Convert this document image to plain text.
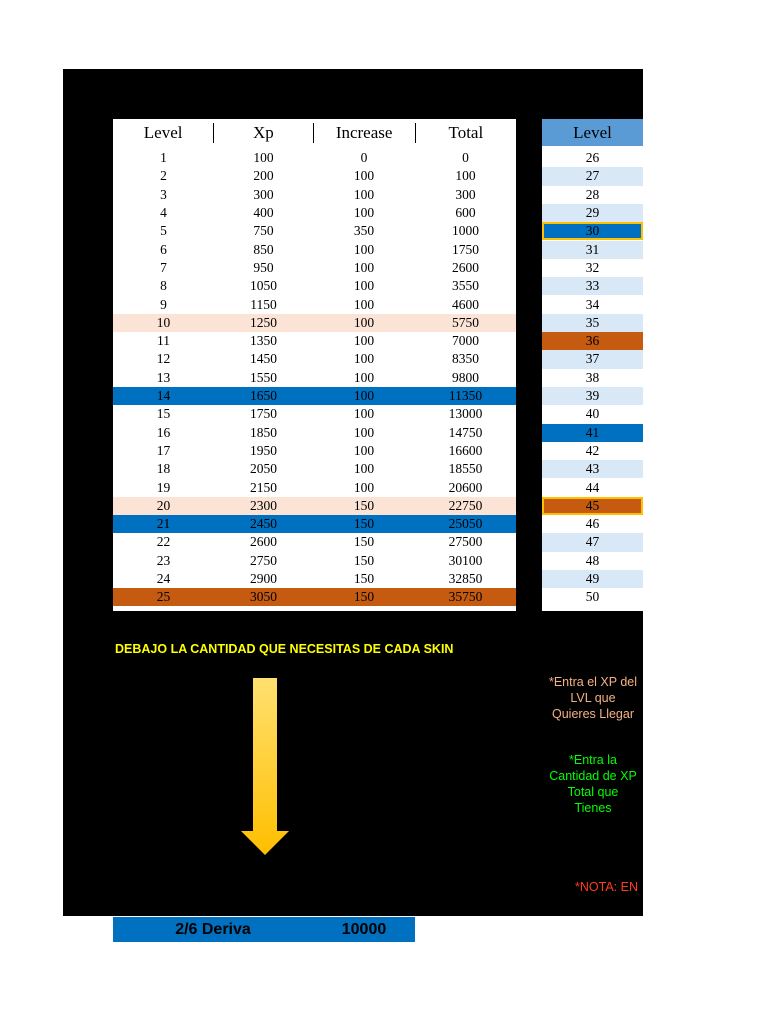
Level	Xp	Increase	Total
1	100	0	0
2	200	100	100
3	300	100	300
4	400	100	600
5	750	350	1000
6	850	100	1750
7	950	100	2600
8	1050	100	3550
9	1150	100	4600
10	1250	100	5750
11	1350	100	7000
12	1450	100	8350
13	1550	100	9800
14	1650	100	11350
15	1750	100	13000
16	1850	100	14750
17	1950	100	16600
18	2050	100	18550
19	2150	100	20600
20	2300	150	22750
21	2450	150	25050
22	2600	150	27500
23	2750	150	30100
24	2900	150	32850
25	3050	150	35750
Level
26
27
28
29
30
31
32
33
34
35
36
37
38
39
40
41
42
43
44
45
46
47
48
49
50
DEBAJO LA CANTIDAD QUE NECESITAS DE CADA SKIN
*Entra el XP del
LVL que
Quieres Llegar
*Entra la
Cantidad de XP
Total que
Tienes
*NOTA: EN
2/6 Deriva	10000
